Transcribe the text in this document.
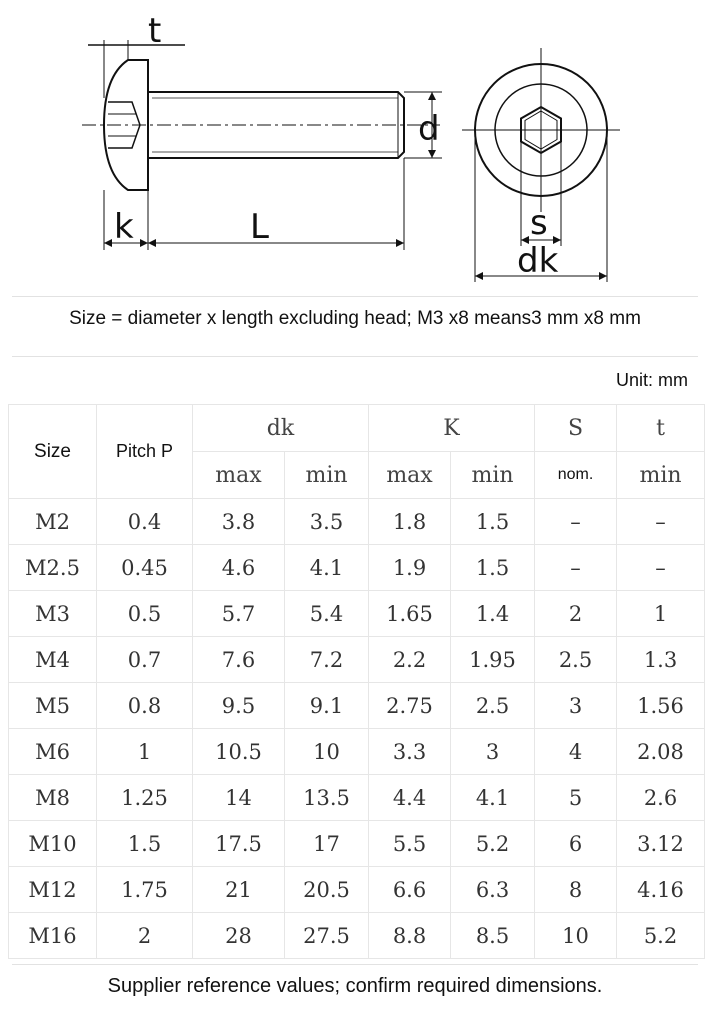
t
k	L
d
s
dk
Size = diameter x length excluding head; M3 x8 means3 mm x8 mm
Unit: mm
Size	Pitch P	dk		K		S	t
		max	min	max	min	nom.	min
M2	0.4	3.8	3.5	1.8	1.5	–	–
M2.5	0.45	4.6	4.1	1.9	1.5	–	–
M3	0.5	5.7	5.4	1.65	1.4	2	1
M4	0.7	7.6	7.2	2.2	1.95	2.5	1.3
M5	0.8	9.5	9.1	2.75	2.5	3	1.56
M6	1	10.5	10	3.3	3	4	2.08
M8	1.25	14	13.5	4.4	4.1	5	2.6
M10	1.5	17.5	17	5.5	5.2	6	3.12
M12	1.75	21	20.5	6.6	6.3	8	4.16
M16	2	28	27.5	8.8	8.5	10	5.2
Supplier reference values; confirm required dimensions.
